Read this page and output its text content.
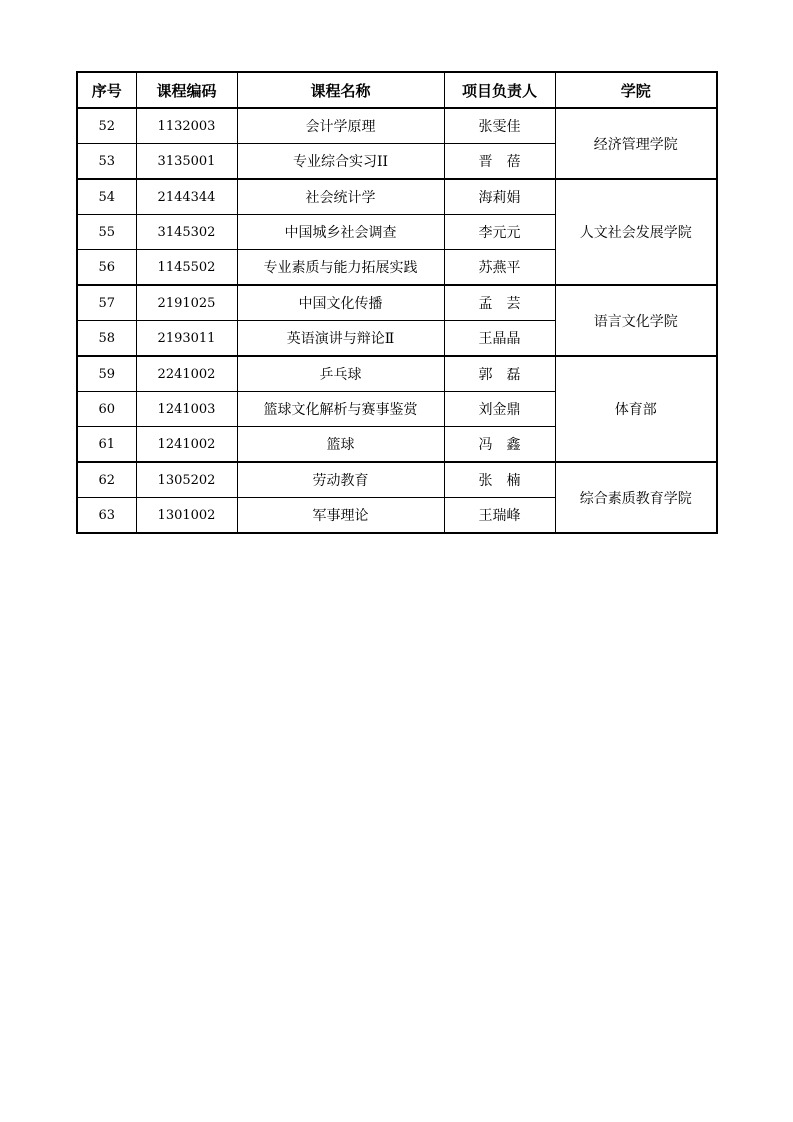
序号	课程编码	课程名称	项目负责人	学院
52	1132003	会计学原理	张雯佳	经济管理学院
53	3135001	专业综合实习II	晋　蓓	
54	2144344	社会统计学	海莉娟	人文社会发展学院
55	3145302	中国城乡社会调查	李元元	
56	1145502	专业素质与能力拓展实践	苏燕平	
57	2191025	中国文化传播	孟　芸	语言文化学院
58	2193011	英语演讲与辩论Ⅱ	王晶晶	
59	2241002	乒乓球	郭　磊	体育部
60	1241003	篮球文化解析与赛事鉴赏	刘金鼎	
61	1241002	篮球	冯　鑫	
62	1305202	劳动教育	张　楠	综合素质教育学院
63	1301002	军事理论	王瑞峰	
